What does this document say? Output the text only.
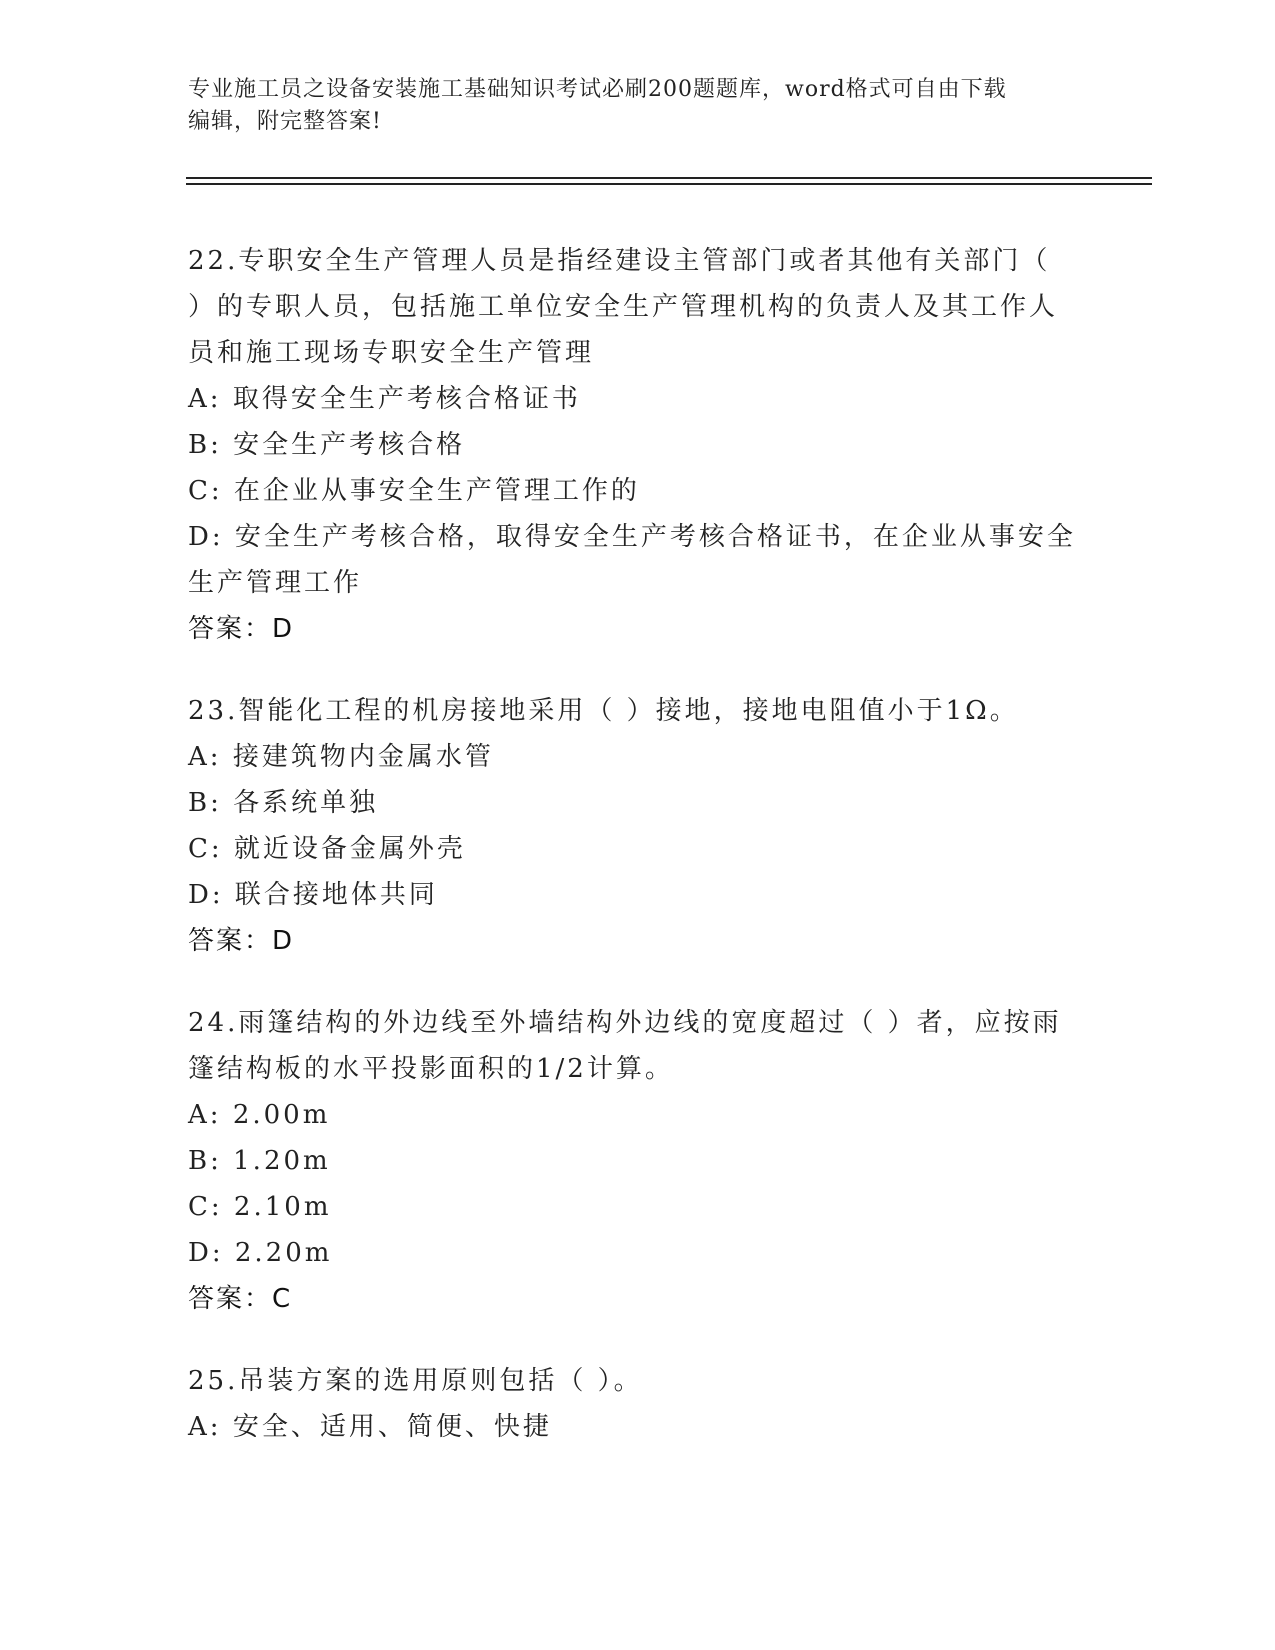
专业施工员之设备安装施工基础知识考试必刷200题题库，word格式可自由下载
编辑，附完整答案!
22.专职安全生产管理人员是指经建设主管部门或者其他有关部门（
）的专职人员，包括施工单位安全生产管理机构的负责人及其工作人
员和施工现场专职安全生产管理
A: 取得安全生产考核合格证书
B: 安全生产考核合格
C: 在企业从事安全生产管理工作的
D: 安全生产考核合格，取得安全生产考核合格证书，在企业从事安全
生产管理工作
答案：D
23.智能化工程的机房接地采用（ ）接地，接地电阻值小于1Ω。
A: 接建筑物内金属水管
B: 各系统单独
C: 就近设备金属外壳
D: 联合接地体共同
答案：D
24.雨篷结构的外边线至外墙结构外边线的宽度超过（ ）者，应按雨
篷结构板的水平投影面积的1/2计算。
A: 2.00m
B: 1.20m
C: 2.10m
D: 2.20m
答案：C
25.吊装方案的选用原则包括（ ）。
A: 安全、适用、简便、快捷
